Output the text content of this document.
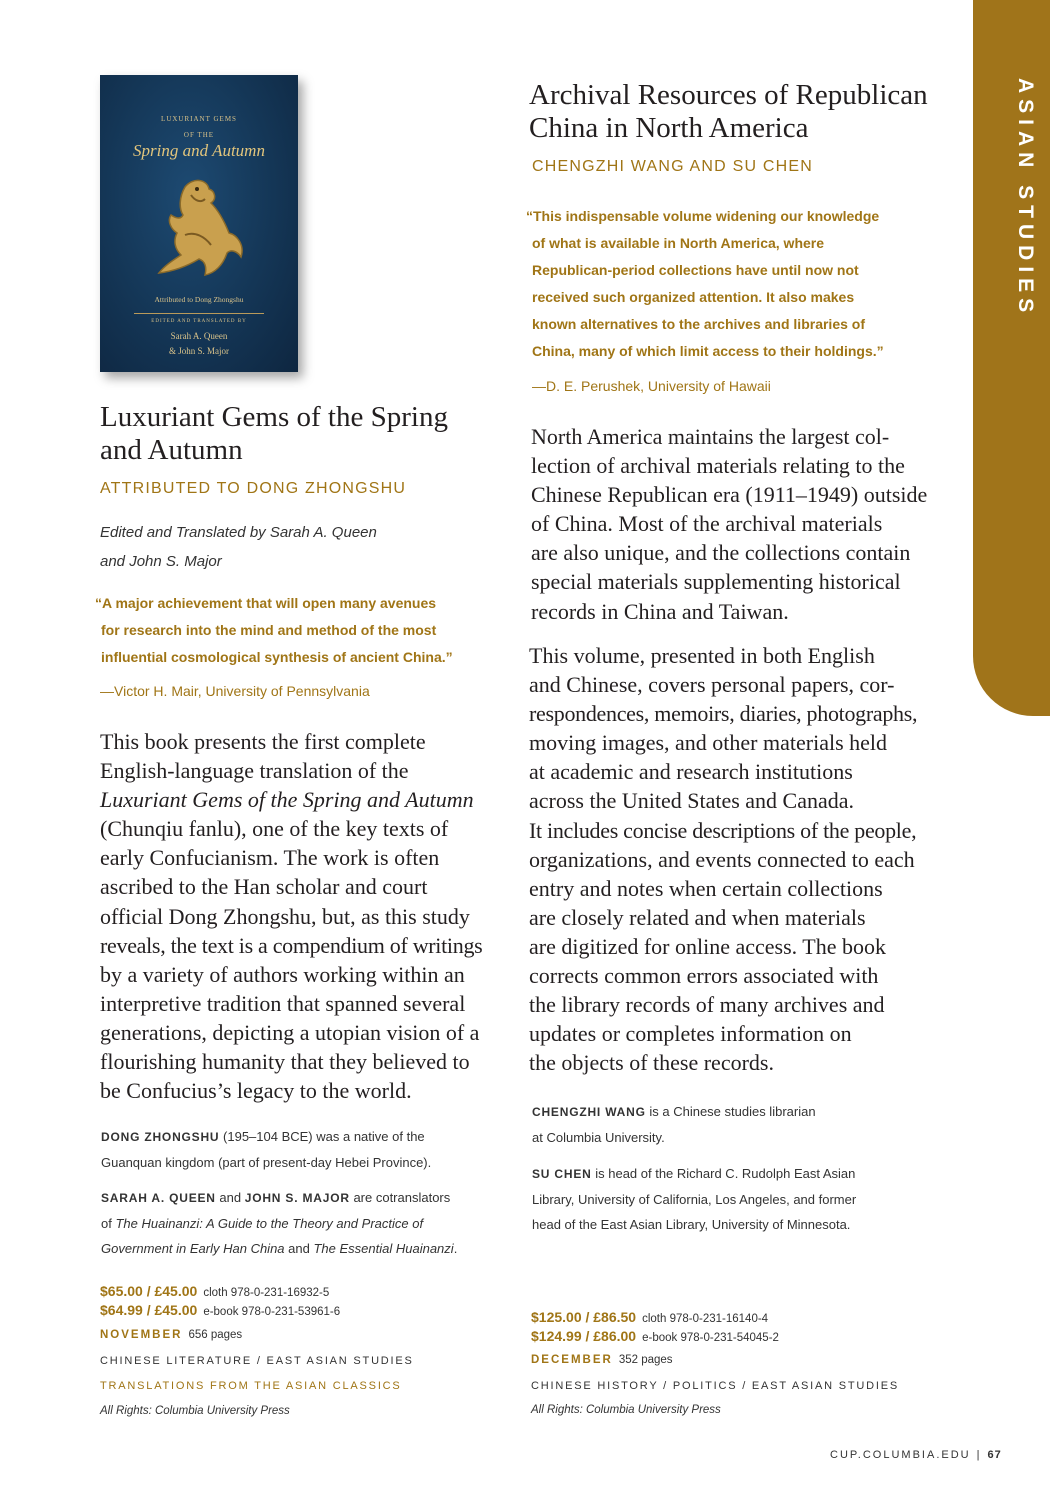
ASIAN STUDIES
LUXURIANT GEMS
OF THE
Spring and Autumn
Attributed to Dong Zhongshu
EDITED AND TRANSLATED BY
Sarah A. Queen
& John S. Major
Luxuriant Gems of the Spring
and Autumn
ATTRIBUTED TO DONG ZHONGSHU
Edited and Translated by Sarah A. Queen
and John S. Major
“A major achievement that will open many avenues
for research into the mind and method of the most
influential cosmological synthesis of ancient China.”
—Victor H. Mair, University of Pennsylvania

This book presents the first complete

English-language translation of the

Luxuriant Gems of the Spring and Autumn

(Chunqiu fanlu), one of the key texts of

early Confucianism. The work is often

ascribed to the Han scholar and court

official Dong Zhongshu, but, as this study

reveals, the text is a compendium of writings

by a variety of authors working within an

interpretive tradition that spanned several

generations, depicting a utopian vision of a

flourishing humanity that they believed to

be Confucius’s legacy to the world.

DONG ZHONGSHU (195–104 BCE) was a native of the
Guanquan kingdom (part of present-day Hebei Province).
SARAH A. QUEEN and JOHN S. MAJOR are cotranslators
of The Huainanzi: A Guide to the Theory and Practice of
Government in Early Han China and The Essential Huainanzi.
$65.00 / £45.00 cloth 978-0-231-16932-5
$64.99 / £45.00 e-book 978-0-231-53961-6
NOVEMBER 656 pages
CHINESE LITERATURE / EAST ASIAN STUDIES
TRANSLATIONS FROM THE ASIAN CLASSICS
All Rights: Columbia University Press
Archival Resources of Republican
China in North America
CHENGZHI WANG AND SU CHEN
“This indispensable volume widening our knowledge
of what is available in North America, where
Republican-period collections have until now not
received such organized attention. It also makes
known alternatives to the archives and libraries of
China, many of which limit access to their holdings.”
—D. E. Perushek, University of Hawaii

North America maintains the largest col-

lection of archival materials relating to the

Chinese Republican era (1911–1949) outside

of China. Most of the archival materials

are also unique, and the collections contain

special materials supplementing historical

records in China and Taiwan.

This volume, presented in both English

and Chinese, covers personal papers, cor-

respondences, memoirs, diaries, photographs,

moving images, and other materials held

at academic and research institutions

across the United States and Canada.

It includes concise descriptions of the people,

organizations, and events connected to each

entry and notes when certain collections

are closely related and when materials

are digitized for online access. The book

corrects common errors associated with

the library records of many archives and

updates or completes information on

the objects of these records.

CHENGZHI WANG is a Chinese studies librarian
at Columbia University.
SU CHEN is head of the Richard C. Rudolph East Asian
Library, University of California, Los Angeles, and former
head of the East Asian Library, University of Minnesota.
$125.00 / £86.50 cloth 978-0-231-16140-4
$124.99 / £86.00 e-book 978-0-231-54045-2
DECEMBER 352 pages
CHINESE HISTORY / POLITICS / EAST ASIAN STUDIES
All Rights: Columbia University Press
CUP.COLUMBIA.EDU | 67
